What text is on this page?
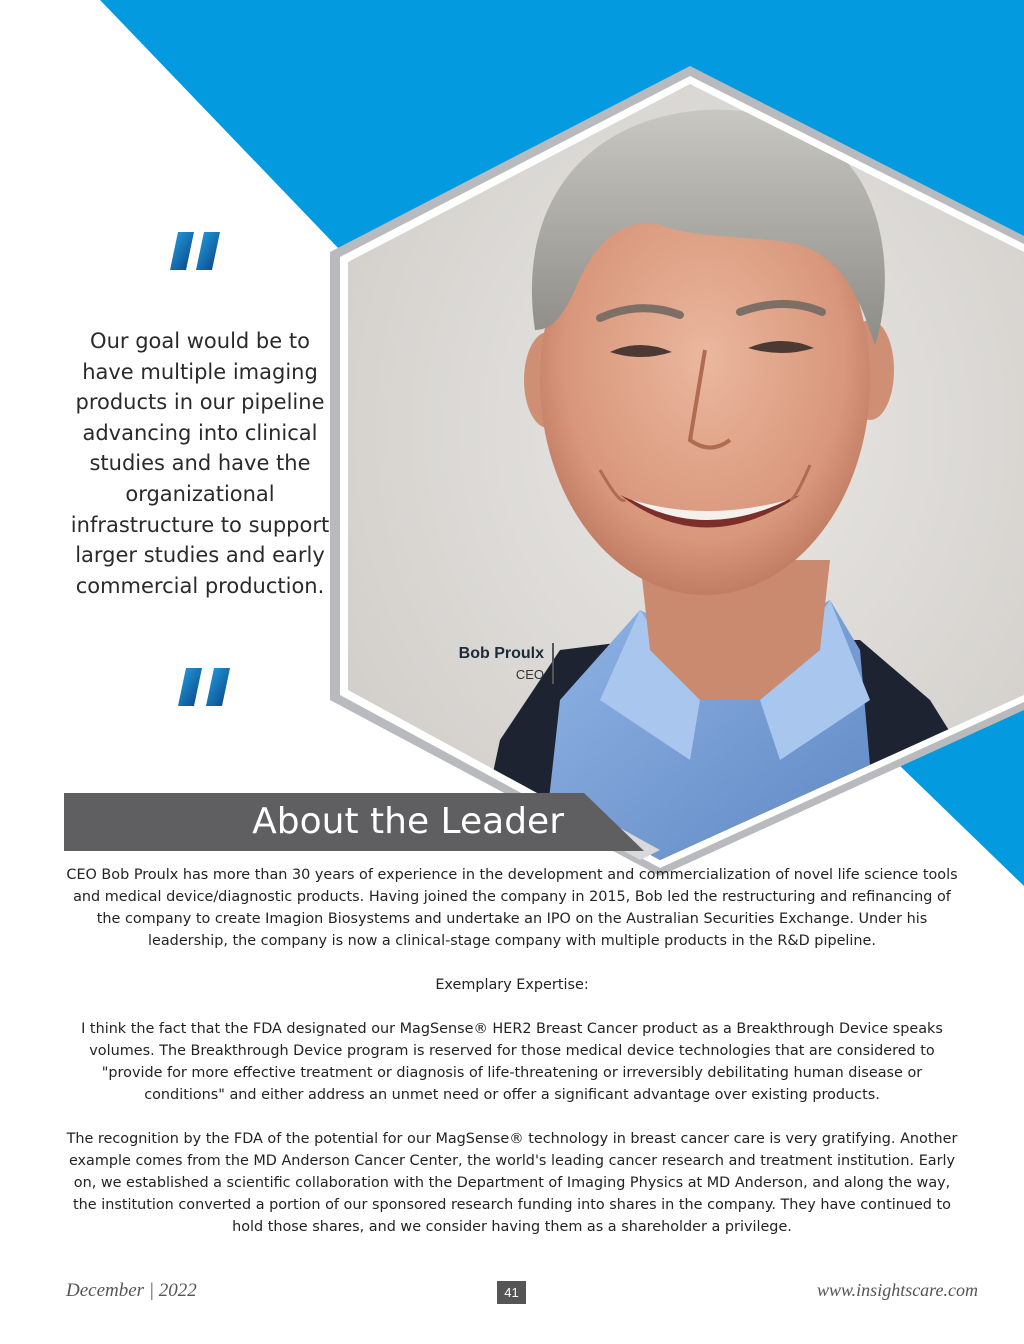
Our goal would be to have multiple imaging products in our pipeline advancing into clinical studies and have the organizational infrastructure to support larger studies and early commercial production.
Bob Proulx
CEO
About the Leader

CEO Bob Proulx has more than 30 years of experience in the development and commercialization of novel life science tools and medical device/diagnostic products. Having joined the company in 2015, Bob led the restructuring and refinancing of the company to create Imagion Biosystems and undertake an IPO on the Australian Securities Exchange. Under his leadership, the company is now a clinical-stage company with multiple products in the R&D pipeline.

Exemplary Expertise:

I think the fact that the FDA designated our MagSense® HER2 Breast Cancer product as a Breakthrough Device speaks volumes. The Breakthrough Device program is reserved for those medical device technologies that are considered to "provide for more effective treatment or diagnosis of life-threatening or irreversibly debilitating human disease or conditions" and either address an unmet need or offer a significant advantage over existing products.

The recognition by the FDA of the potential for our MagSense® technology in breast cancer care is very gratifying. Another example comes from the MD Anderson Cancer Center, the world's leading cancer research and treatment institution. Early on, we established a scientific collaboration with the Department of Imaging Physics at MD Anderson, and along the way, the institution converted a portion of our sponsored research funding into shares in the company. They have continued to hold those shares, and we consider having them as a shareholder a privilege.

December | 2022	41	www.insightscare.com
